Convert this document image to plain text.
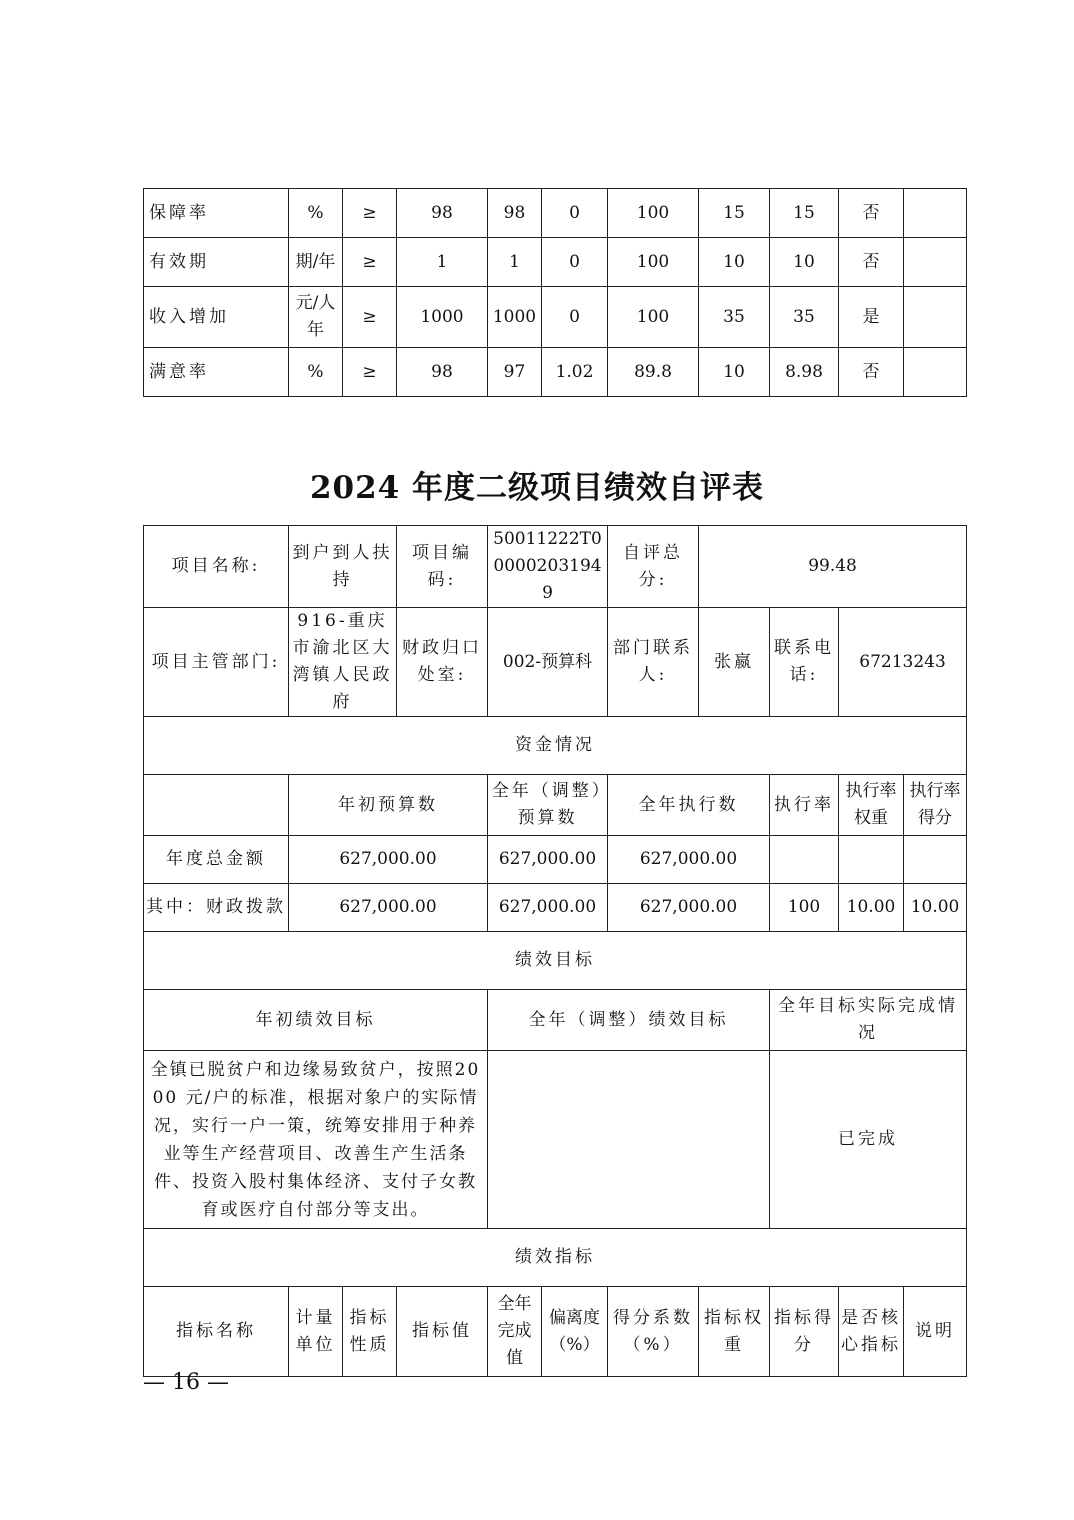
保障率	%	≥	98	98	0	100	15	15	否	
有效期	期/年	≥	1	1	0	100	10	10	否	
收入增加	元/人年	≥	1000	1000	0	100	35	35	是	
满意率	%	≥	98	97	1.02	89.8	10	8.98	否	
2024 年度二级项目绩效自评表
项目名称:	到户到人扶持		项目编码:	50011222T000002031949		自评总分:	99.48			
项目主管部门:	916-重庆市渝北区大湾镇人民政府		财政归口处室:	002-预算科		部门联系人:	张嬴	联系电话:	67213243	
资金情况										
	年初预算数			全年（调整）预算数		全年执行数		执行率	执行率权重	执行率得分
年度总金额	627,000.00			627,000.00		627,000.00				
其中：财政拨款	627,000.00			627,000.00		627,000.00		100	10.00	10.00
绩效目标										
年初绩效目标				全年（调整）绩效目标				全年目标实际完成情况		
全镇已脱贫户和边缘易致贫户，按照2000 元/户的标准，根据对象户的实际情况，实行一户一策，统筹安排用于种养业等生产经营项目、改善生产生活条件、投资入股村集体经济、支付子女教育或医疗自付部分等支出。								已完成		
绩效指标										
指标名称	计量单位	指标性质	指标值	全年完成值	偏离度（%）	得分系数（%）	指标权重	指标得分	是否核心指标	说明
— 16 —
